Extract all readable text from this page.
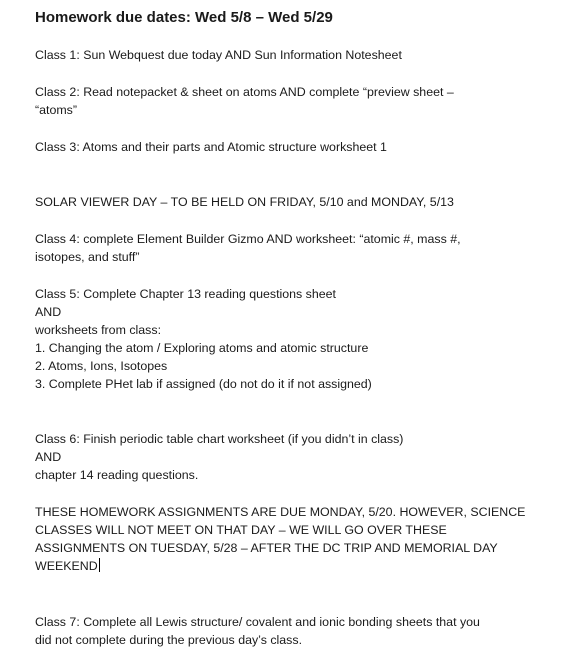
Homework due dates: Wed 5/8 – Wed 5/29
Class 1: Sun Webquest due today AND Sun Information Notesheet
Class 2: Read notepacket & sheet on atoms AND complete “preview sheet –
“atoms”
Class 3: Atoms and their parts and Atomic structure worksheet 1
SOLAR VIEWER DAY – TO BE HELD ON FRIDAY, 5/10 and MONDAY, 5/13
Class 4: complete Element Builder Gizmo AND worksheet: “atomic #, mass #,
isotopes, and stuff”
Class 5: Complete Chapter 13 reading questions sheet
AND
worksheets from class:
1. Changing the atom / Exploring atoms and atomic structure
2. Atoms, Ions, Isotopes
3. Complete PHet lab if assigned (do not do it if not assigned)
Class 6: Finish periodic table chart worksheet (if you didn’t in class)
AND
chapter 14 reading questions.
THESE HOMEWORK ASSIGNMENTS ARE DUE MONDAY, 5/20. HOWEVER, SCIENCE
CLASSES WILL NOT MEET ON THAT DAY – WE WILL GO OVER THESE
ASSIGNMENTS ON TUESDAY, 5/28 – AFTER THE DC TRIP AND MEMORIAL DAY
WEEKEND
Class 7: Complete all Lewis structure/ covalent and ionic bonding sheets that you
did not complete during the previous day’s class.
